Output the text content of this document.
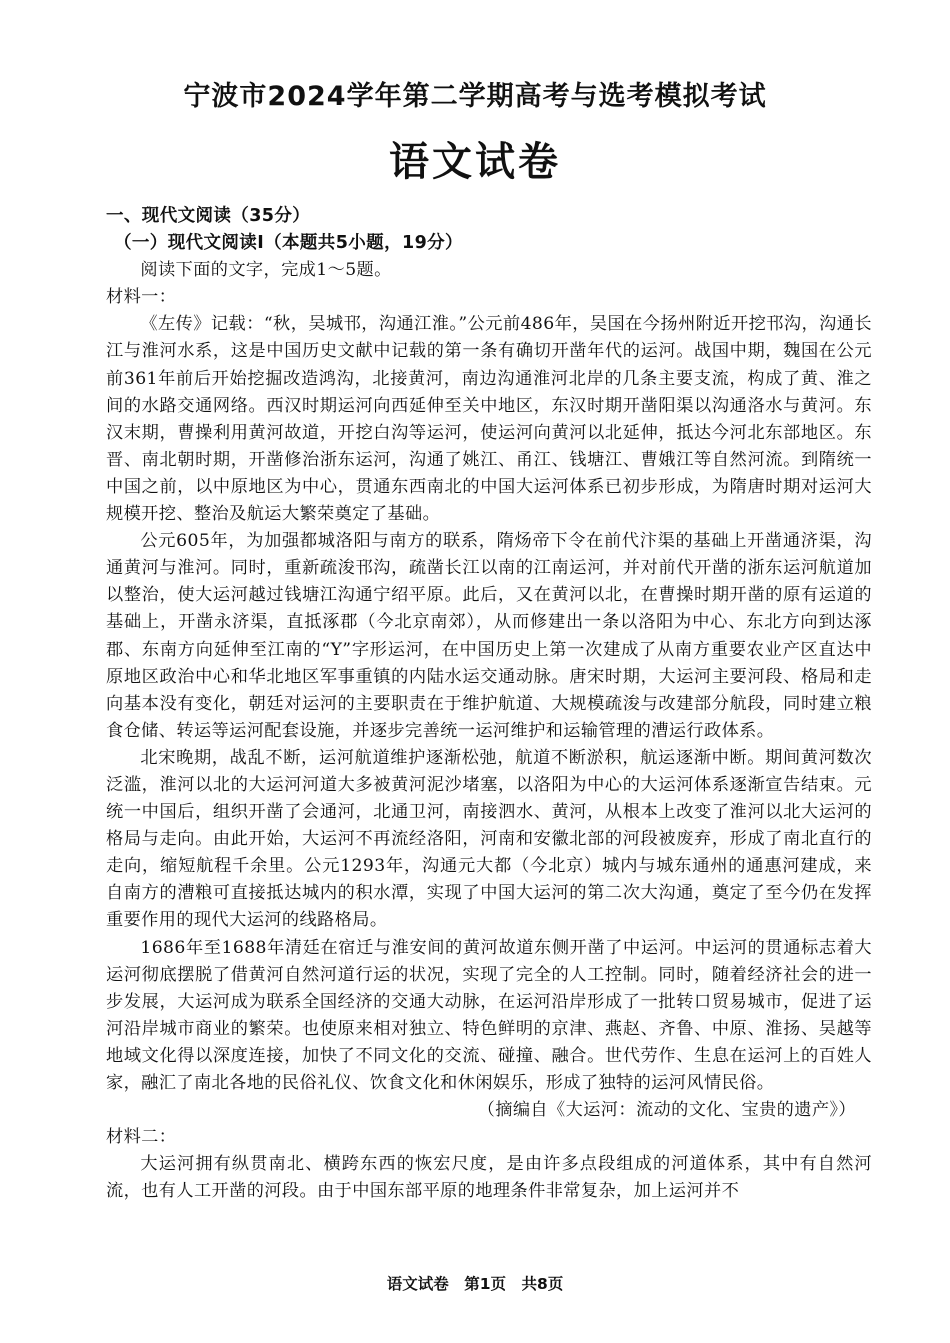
宁波市2024学年第二学期高考与选考模拟考试
语文试卷

一、现代文阅读（35分）

（一）现代文阅读Ⅰ（本题共5小题，19分）

阅读下面的文字，完成1～5题。

材料一：

《左传》记载：“秋，吴城邗，沟通江淮。”公元前486年，吴国在今扬州附近开挖邗沟，沟通长江与淮河水系，这是中国历史文献中记载的第一条有确切开凿年代的运河。战国中期，魏国在公元前361年前后开始挖掘改造鸿沟，北接黄河，南边沟通淮河北岸的几条主要支流，构成了黄、淮之间的水路交通网络。西汉时期运河向西延伸至关中地区，东汉时期开凿阳渠以沟通洛水与黄河。东汉末期，曹操利用黄河故道，开挖白沟等运河，使运河向黄河以北延伸，抵达今河北东部地区。东晋、南北朝时期，开凿修治浙东运河，沟通了姚江、甬江、钱塘江、曹娥江等自然河流。到隋统一中国之前，以中原地区为中心，贯通东西南北的中国大运河体系已初步形成，为隋唐时期对运河大规模开挖、整治及航运大繁荣奠定了基础。

公元605年，为加强都城洛阳与南方的联系，隋炀帝下令在前代汴渠的基础上开凿通济渠，沟通黄河与淮河。同时，重新疏浚邗沟，疏凿长江以南的江南运河，并对前代开凿的浙东运河航道加以整治，使大运河越过钱塘江沟通宁绍平原。此后，又在黄河以北，在曹操时期开凿的原有运道的基础上，开凿永济渠，直抵涿郡（今北京南郊），从而修建出一条以洛阳为中心、东北方向到达涿郡、东南方向延伸至江南的“Y”字形运河，在中国历史上第一次建成了从南方重要农业产区直达中原地区政治中心和华北地区军事重镇的内陆水运交通动脉。唐宋时期，大运河主要河段、格局和走向基本没有变化，朝廷对运河的主要职责在于维护航道、大规模疏浚与改建部分航段，同时建立粮食仓储、转运等运河配套设施，并逐步完善统一运河维护和运输管理的漕运行政体系。

北宋晚期，战乱不断，运河航道维护逐渐松弛，航道不断淤积，航运逐渐中断。期间黄河数次泛滥，淮河以北的大运河河道大多被黄河泥沙堵塞，以洛阳为中心的大运河体系逐渐宣告结束。元统一中国后，组织开凿了会通河，北通卫河，南接泗水、黄河，从根本上改变了淮河以北大运河的格局与走向。由此开始，大运河不再流经洛阳，河南和安徽北部的河段被废弃，形成了南北直行的走向，缩短航程千余里。公元1293年，沟通元大都（今北京）城内与城东通州的通惠河建成，来自南方的漕粮可直接抵达城内的积水潭，实现了中国大运河的第二次大沟通，奠定了至今仍在发挥重要作用的现代大运河的线路格局。

1686年至1688年清廷在宿迁与淮安间的黄河故道东侧开凿了中运河。中运河的贯通标志着大运河彻底摆脱了借黄河自然河道行运的状况，实现了完全的人工控制。同时，随着经济社会的进一步发展，大运河成为联系全国经济的交通大动脉，在运河沿岸形成了一批转口贸易城市，促进了运河沿岸城市商业的繁荣。也使原来相对独立、特色鲜明的京津、燕赵、齐鲁、中原、淮扬、吴越等地域文化得以深度连接，加快了不同文化的交流、碰撞、融合。世代劳作、生息在运河上的百姓人家，融汇了南北各地的民俗礼仪、饮食文化和休闲娱乐，形成了独特的运河风情民俗。

（摘编自《大运河：流动的文化、宝贵的遗产》）

材料二：

大运河拥有纵贯南北、横跨东西的恢宏尺度，是由许多点段组成的河道体系，其中有自然河流，也有人工开凿的河段。由于中国东部平原的地理条件非常复杂，加上运河并不

语文试卷　第1页　共8页
